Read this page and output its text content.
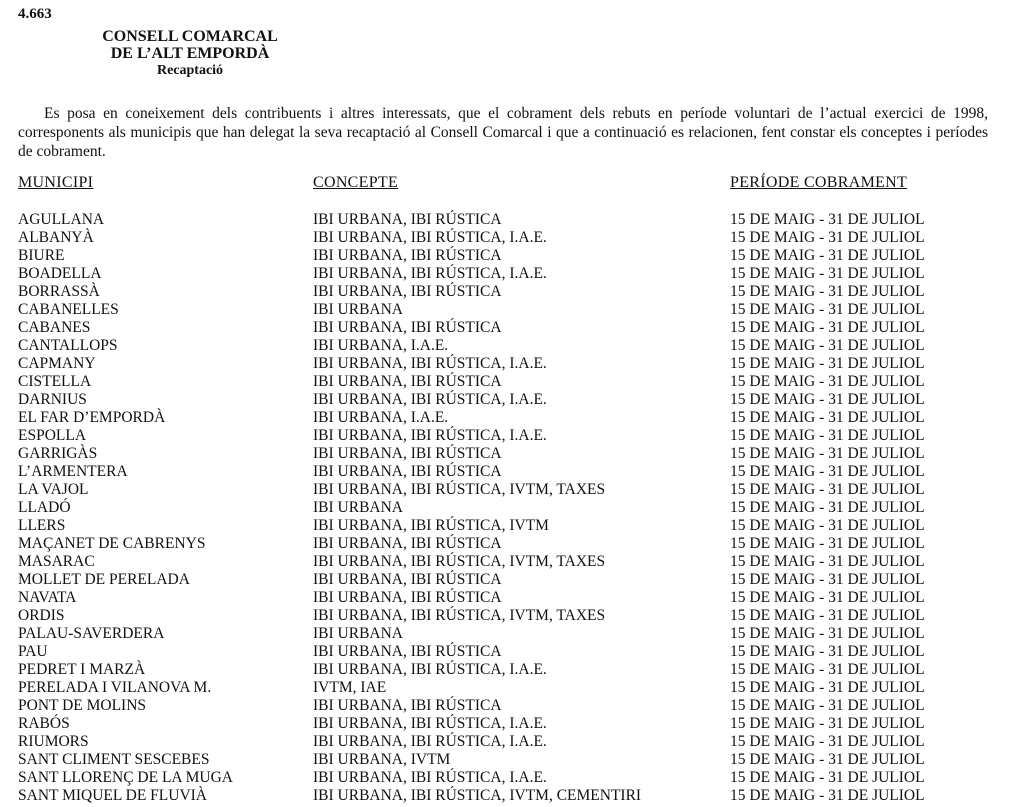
4.663
CONSELL COMARCAL
DE L’ALT EMPORDÀ
Recaptació
Es posa en coneixement dels contribuents i altres interessats, que el cobrament dels rebuts en període voluntari de l’actual exercici de 1998, corresponents als municipis que han delegat la seva recaptació al Consell Comarcal i que a continuació es relacionen, fent constar els conceptes i períodes de cobrament.
MUNICIPI	CONCEPTE	PERÍODE COBRAMENT
AGULLANA	IBI URBANA, IBI RÚSTICA	15 DE MAIG - 31 DE JULIOL
ALBANYÀ	IBI URBANA, IBI RÚSTICA, I.A.E.	15 DE MAIG - 31 DE JULIOL
BIURE	IBI URBANA, IBI RÚSTICA	15 DE MAIG - 31 DE JULIOL
BOADELLA	IBI URBANA, IBI RÚSTICA, I.A.E.	15 DE MAIG - 31 DE JULIOL
BORRASSÀ	IBI URBANA, IBI RÚSTICA	15 DE MAIG - 31 DE JULIOL
CABANELLES	IBI URBANA	15 DE MAIG - 31 DE JULIOL
CABANES	IBI URBANA, IBI RÚSTICA	15 DE MAIG - 31 DE JULIOL
CANTALLOPS	IBI URBANA, I.A.E.	15 DE MAIG - 31 DE JULIOL
CAPMANY	IBI URBANA, IBI RÚSTICA, I.A.E.	15 DE MAIG - 31 DE JULIOL
CISTELLA	IBI URBANA, IBI RÚSTICA	15 DE MAIG - 31 DE JULIOL
DARNIUS	IBI URBANA, IBI RÚSTICA, I.A.E.	15 DE MAIG - 31 DE JULIOL
EL FAR D’EMPORDÀ	IBI URBANA, I.A.E.	15 DE MAIG - 31 DE JULIOL
ESPOLLA	IBI URBANA, IBI RÚSTICA, I.A.E.	15 DE MAIG - 31 DE JULIOL
GARRIGÀS	IBI URBANA, IBI RÚSTICA	15 DE MAIG - 31 DE JULIOL
L’ARMENTERA	IBI URBANA, IBI RÚSTICA	15 DE MAIG - 31 DE JULIOL
LA VAJOL	IBI URBANA, IBI RÚSTICA, IVTM, TAXES	15 DE MAIG - 31 DE JULIOL
LLADÓ	IBI URBANA	15 DE MAIG - 31 DE JULIOL
LLERS	IBI URBANA, IBI RÚSTICA, IVTM	15 DE MAIG - 31 DE JULIOL
MAÇANET DE CABRENYS	IBI URBANA, IBI RÚSTICA	15 DE MAIG - 31 DE JULIOL
MASARAC	IBI URBANA, IBI RÚSTICA, IVTM, TAXES	15 DE MAIG - 31 DE JULIOL
MOLLET DE PERELADA	IBI URBANA, IBI RÚSTICA	15 DE MAIG - 31 DE JULIOL
NAVATA	IBI URBANA, IBI RÚSTICA	15 DE MAIG - 31 DE JULIOL
ORDIS	IBI URBANA, IBI RÚSTICA, IVTM, TAXES	15 DE MAIG - 31 DE JULIOL
PALAU-SAVERDERA	IBI URBANA	15 DE MAIG - 31 DE JULIOL
PAU	IBI URBANA, IBI RÚSTICA	15 DE MAIG - 31 DE JULIOL
PEDRET I MARZÀ	IBI URBANA, IBI RÚSTICA, I.A.E.	15 DE MAIG - 31 DE JULIOL
PERELADA I VILANOVA M.	IVTM, IAE	15 DE MAIG - 31 DE JULIOL
PONT DE MOLINS	IBI URBANA, IBI RÚSTICA	15 DE MAIG - 31 DE JULIOL
RABÓS	IBI URBANA, IBI RÚSTICA, I.A.E.	15 DE MAIG - 31 DE JULIOL
RIUMORS	IBI URBANA, IBI RÚSTICA, I.A.E.	15 DE MAIG - 31 DE JULIOL
SANT CLIMENT SESCEBES	IBI URBANA, IVTM	15 DE MAIG - 31 DE JULIOL
SANT LLORENÇ DE LA MUGA	IBI URBANA, IBI RÚSTICA, I.A.E.	15 DE MAIG - 31 DE JULIOL
SANT MIQUEL DE FLUVIÀ	IBI URBANA, IBI RÚSTICA, IVTM, CEMENTIRI	15 DE MAIG - 31 DE JULIOL
